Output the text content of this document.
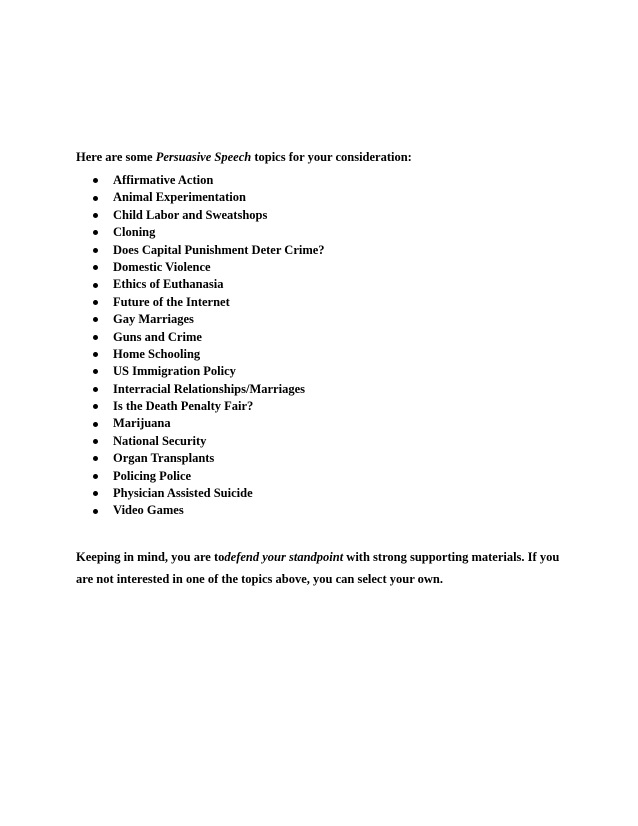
Here are some Persuasive Speech topics for your consideration:
Affirmative Action
Animal Experimentation
Child Labor and Sweatshops
Cloning
Does Capital Punishment Deter Crime?
Domestic Violence
Ethics of Euthanasia
Future of the Internet
Gay Marriages
Guns and Crime
Home Schooling
US Immigration Policy
Interracial Relationships/Marriages
Is the Death Penalty Fair?
Marijuana
National Security
Organ Transplants
Policing Police
Physician Assisted Suicide
Video Games
Keeping in mind, you are todefend your standpoint with strong supporting materials. If you are not interested in one of the topics above, you can select your own.
